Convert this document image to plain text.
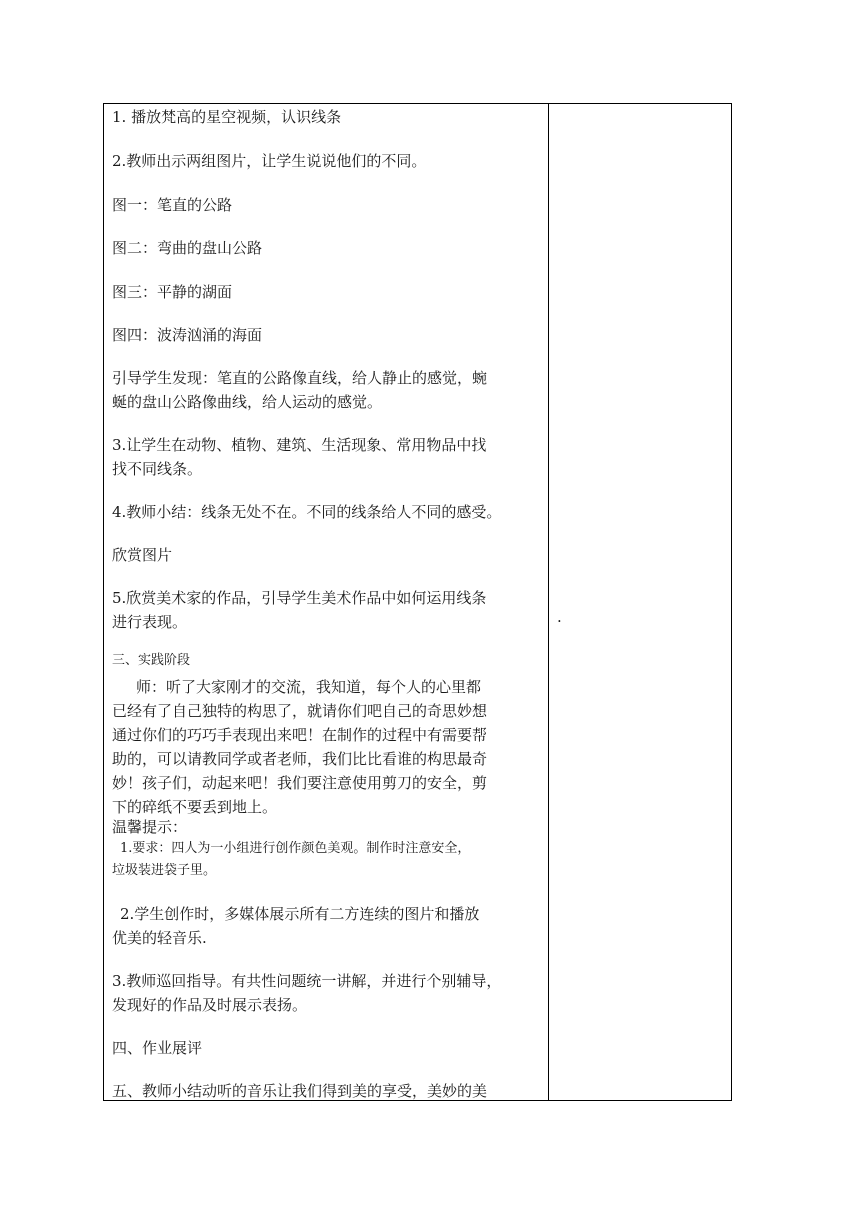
1. 播放梵高的星空视频，认识线条
2.教师出示两组图片，让学生说说他们的不同。
图一：笔直的公路
图二：弯曲的盘山公路
图三：平静的湖面
图四：波涛汹涌的海面
引导学生发现：笔直的公路像直线，给人静止的感觉，蜿
蜒的盘山公路像曲线，给人运动的感觉。
3.让学生在动物、植物、建筑、生活现象、常用物品中找
找不同线条。
4.教师小结：线条无处不在。不同的线条给人不同的感受。
欣赏图片
5.欣赏美术家的作品，引导学生美术作品中如何运用线条
进行表现。
三、实践阶段
师：听了大家刚才的交流，我知道，每个人的心里都
已经有了自己独特的构思了，就请你们吧自己的奇思妙想
通过你们的巧巧手表现出来吧！在制作的过程中有需要帮
助的，可以请教同学或者老师，我们比比看谁的构思最奇
妙！孩子们，动起来吧！我们要注意使用剪刀的安全，剪
下的碎纸不要丢到地上。
温馨提示：
1.要求：四人为一小组进行创作颜色美观。制作时注意安全，
垃圾装进袋子里。
2.学生创作时，多媒体展示所有二方连续的图片和播放
优美的轻音乐.
3.教师巡回指导。有共性问题统一讲解，并进行个别辅导，
发现好的作品及时展示表扬。
四、作业展评
五、教师小结动听的音乐让我们得到美的享受，美妙的美
.
